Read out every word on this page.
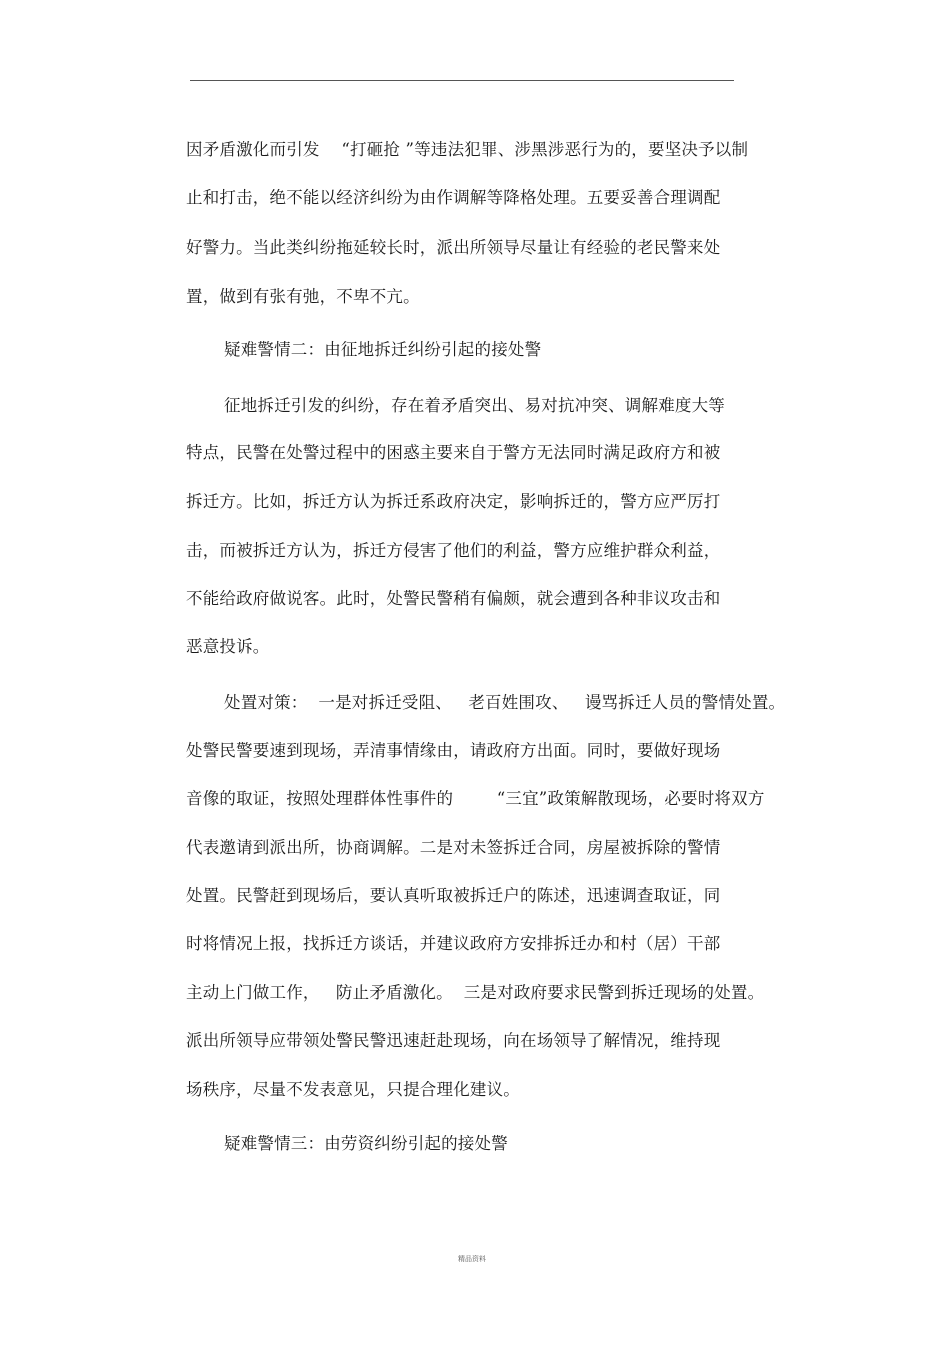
因矛盾激化而引发    “打砸抢 ”等违法犯罪、涉黑涉恶行为的，要坚决予以制
止和打击，绝不能以经济纠纷为由作调解等降格处理。五要妥善合理调配
好警力。当此类纠纷拖延较长时，派出所领导尽量让有经验的老民警来处
置，做到有张有弛，不卑不亢。
疑难警情二：由征地拆迁纠纷引起的接处警
征地拆迁引发的纠纷，存在着矛盾突出、易对抗冲突、调解难度大等
特点，民警在处警过程中的困惑主要来自于警方无法同时满足政府方和被
拆迁方。比如，拆迁方认为拆迁系政府决定，影响拆迁的，警方应严厉打
击，而被拆迁方认为，拆迁方侵害了他们的利益，警方应维护群众利益，
不能给政府做说客。此时，处警民警稍有偏颇，就会遭到各种非议攻击和
恶意投诉。
处置对策：  一是对拆迁受阻、   老百姓围攻、   谩骂拆迁人员的警情处置。
处警民警要速到现场，弄清事情缘由，请政府方出面。同时，要做好现场
音像的取证，按照处理群体性事件的        “三宜”政策解散现场，必要时将双方
代表邀请到派出所，协商调解。二是对未签拆迁合同，房屋被拆除的警情
处置。民警赶到现场后，要认真听取被拆迁户的陈述，迅速调查取证，同
时将情况上报，找拆迁方谈话，并建议政府方安排拆迁办和村（居）干部
主动上门做工作，   防止矛盾激化。  三是对政府要求民警到拆迁现场的处置。
派出所领导应带领处警民警迅速赶赴现场，向在场领导了解情况，维持现
场秩序，尽量不发表意见，只提合理化建议。
疑难警情三：由劳资纠纷引起的接处警
精品资料
